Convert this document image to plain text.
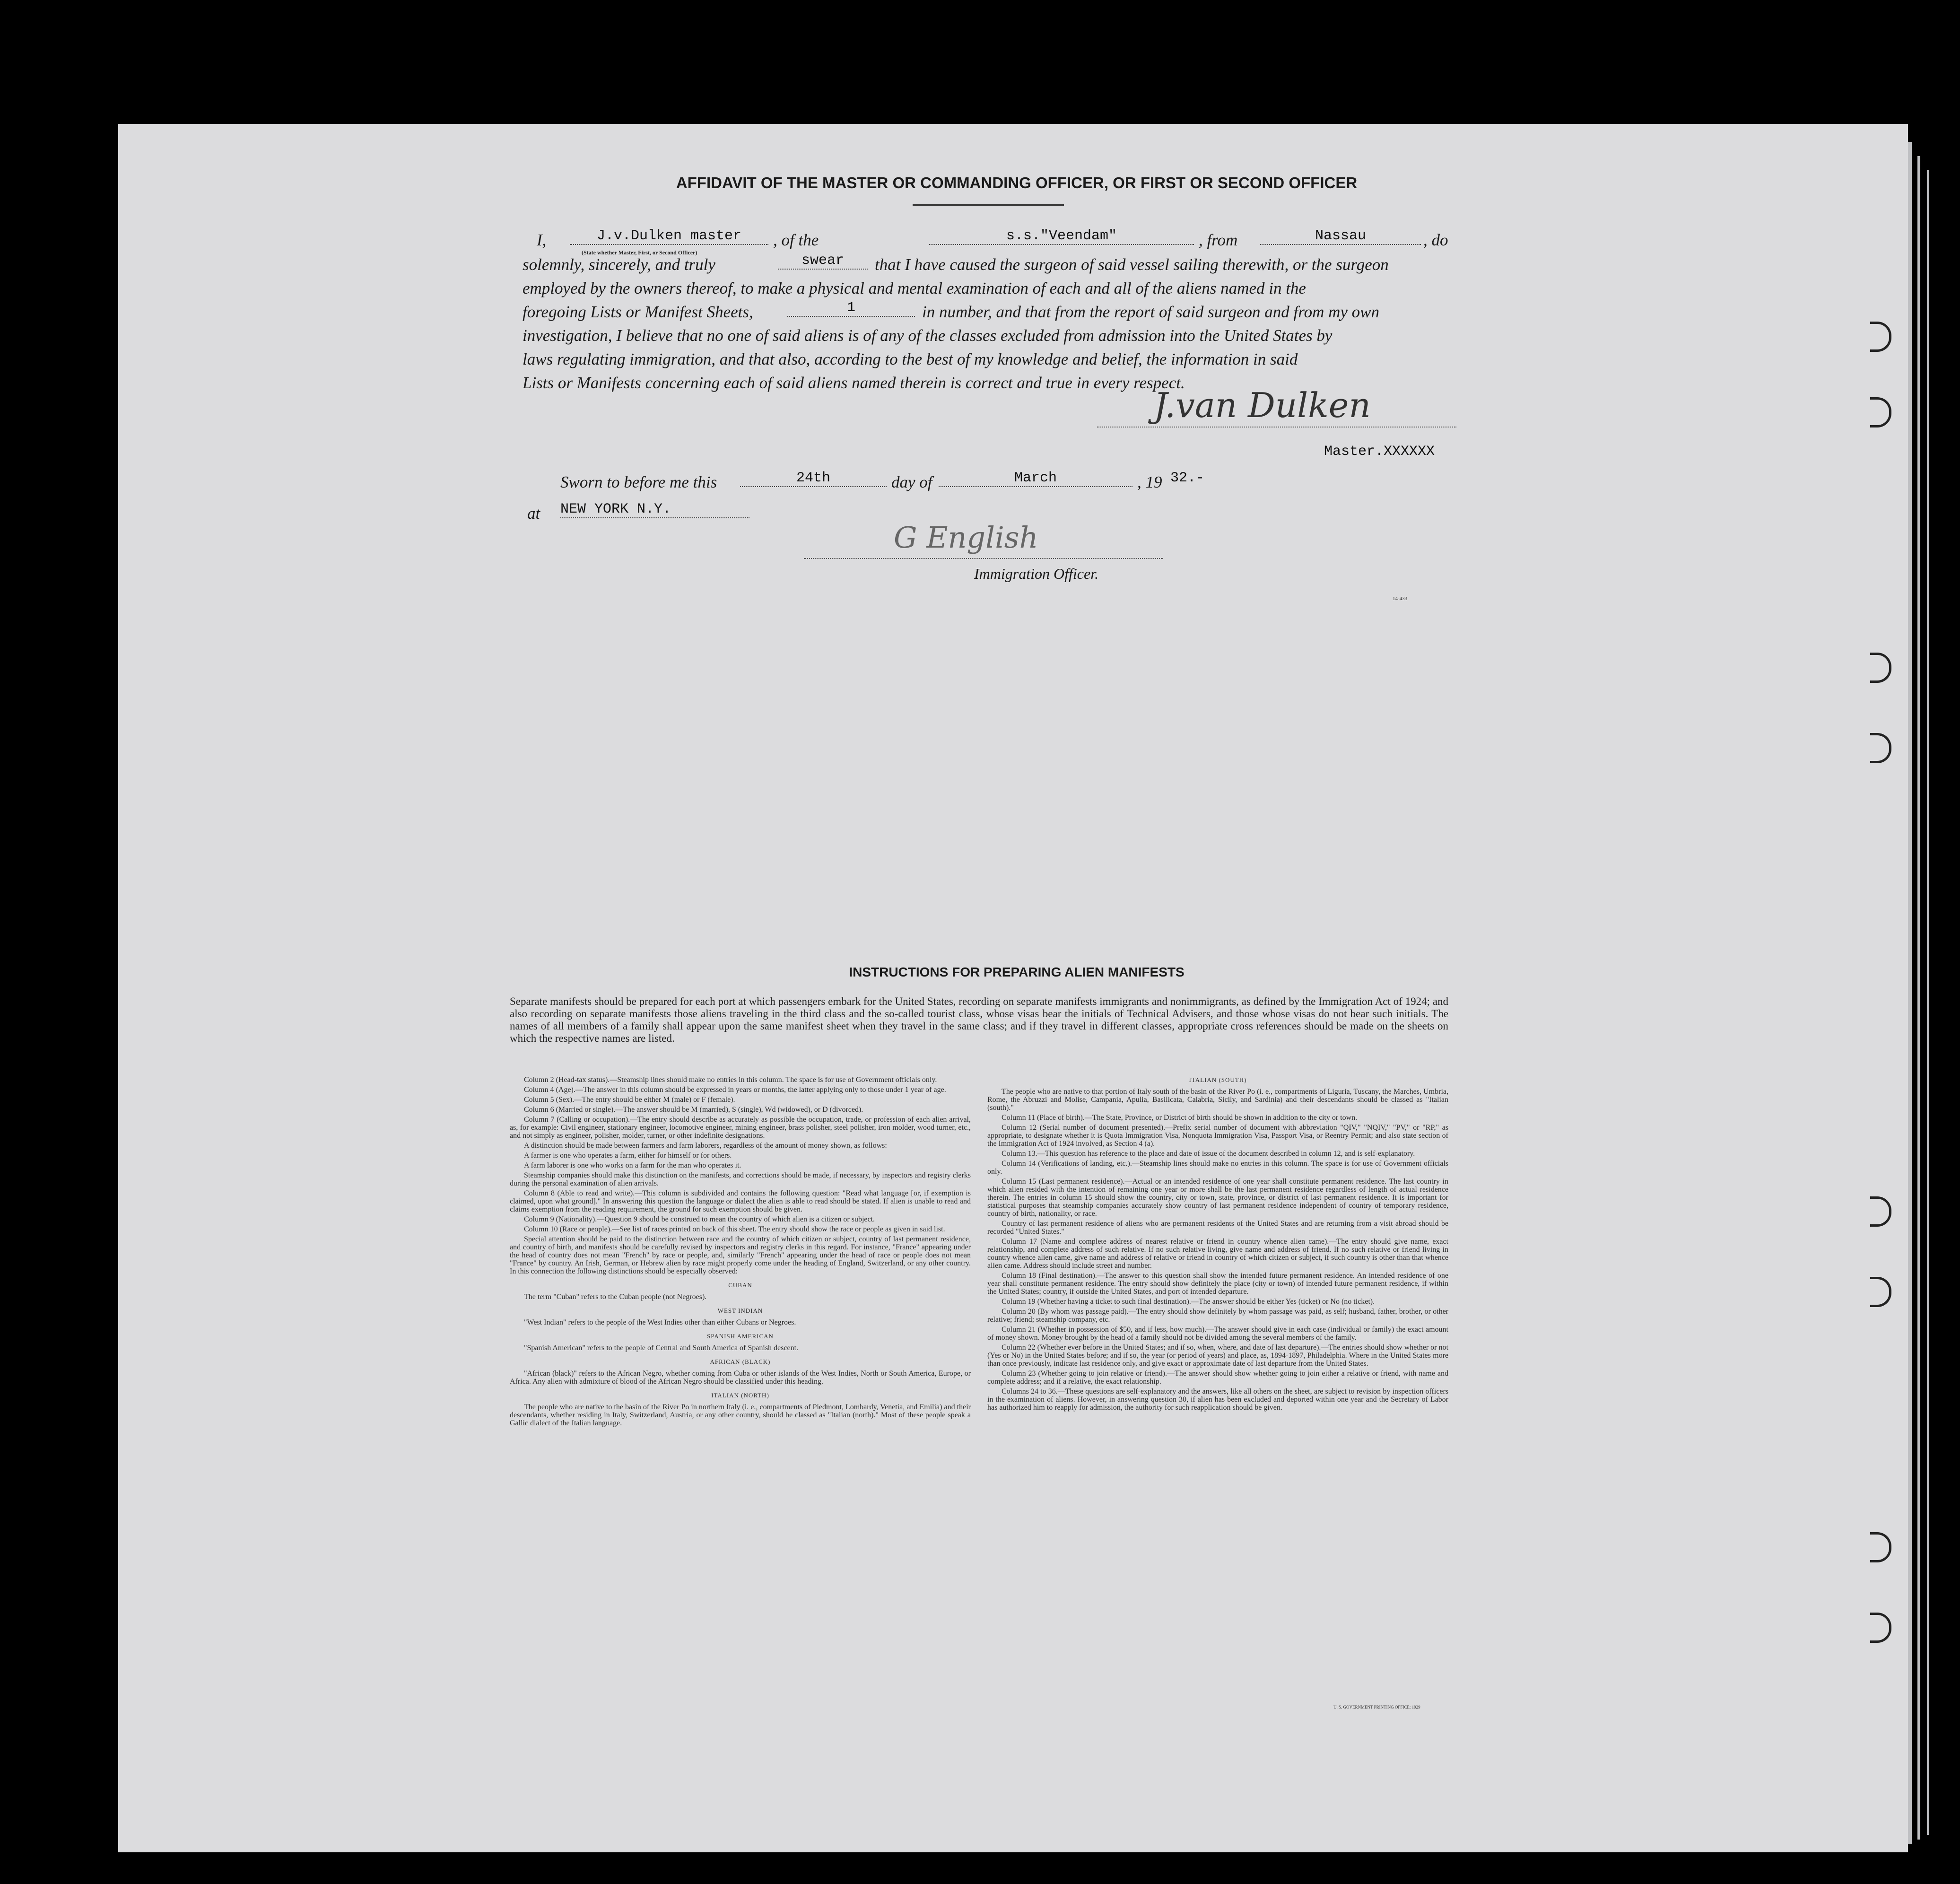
AFFIDAVIT OF THE MASTER OR COMMANDING OFFICER, OR FIRST OR SECOND OFFICER
I,	J.v.Dulken master	, of the	s.s."Veendam"	, from	Nassau	, do
(State whether Master, First, or Second Officer)
solemnly, sincerely, and truly	swear	that I have caused the surgeon of said vessel sailing therewith, or the surgeon
employed by the owners thereof, to make a physical and mental examination of each and all of the aliens named in the
foregoing Lists or Manifest Sheets,	1	in number, and that from the report of said surgeon and from my own
investigation, I believe that no one of said aliens is of any of the classes excluded from admission into the United States by
laws regulating immigration, and that also, according to the best of my knowledge and belief, the information in said
Lists or Manifests concerning each of said aliens named therein is correct and true in every respect.
J.van Dulken
Master.XXXXXX
Sworn to before me this	24th	day of	March	, 19 32.-
at NEW YORK N.Y.
G English
Immigration Officer.
14-433
INSTRUCTIONS FOR PREPARING ALIEN MANIFESTS
Separate manifests should be prepared for each port at which passengers embark for the United States, recording on separate manifests immigrants and nonimmigrants, as defined by the Immigration Act of 1924; and also recording on separate manifests those aliens traveling in the third class and the so-called tourist class, whose visas bear the initials of Technical Advisers, and those whose visas do not bear such initials. The names of all members of a family shall appear upon the same manifest sheet when they travel in the same class; and if they travel in different classes, appropriate cross references should be made on the sheets on which the respective names are listed.

Column 2 (Head-tax status).—Steamship lines should make no entries in this column. The space is for use of Government officials only.

Column 4 (Age).—The answer in this column should be expressed in years or months, the latter applying only to those under 1 year of age.

Column 5 (Sex).—The entry should be either M (male) or F (female).

Column 6 (Married or single).—The answer should be M (married), S (single), Wd (widowed), or D (divorced).

Column 7 (Calling or occupation).—The entry should describe as accurately as possible the occupation, trade, or profession of each alien arrival, as, for example: Civil engineer, stationary engineer, locomotive engineer, mining engineer, brass polisher, steel polisher, iron molder, wood turner, etc., and not simply as engineer, polisher, molder, turner, or other indefinite designations.

A distinction should be made between farmers and farm laborers, regardless of the amount of money shown, as follows:

A farmer is one who operates a farm, either for himself or for others.

A farm laborer is one who works on a farm for the man who operates it.

Steamship companies should make this distinction on the manifests, and corrections should be made, if necessary, by inspectors and registry clerks during the personal examination of alien arrivals.

Column 8 (Able to read and write).—This column is subdivided and contains the following question: "Read what language [or, if exemption is claimed, upon what ground]." In answering this question the language or dialect the alien is able to read should be stated. If alien is unable to read and claims exemption from the reading requirement, the ground for such exemption should be given.

Column 9 (Nationality).—Question 9 should be construed to mean the country of which alien is a citizen or subject.

Column 10 (Race or people).—See list of races printed on back of this sheet. The entry should show the race or people as given in said list.

Special attention should be paid to the distinction between race and the country of which citizen or subject, country of last permanent residence, and country of birth, and manifests should be carefully revised by inspectors and registry clerks in this regard. For instance, "France" appearing under the head of country does not mean "French" by race or people, and, similarly "French" appearing under the head of race or people does not mean "France" by country. An Irish, German, or Hebrew alien by race might properly come under the heading of England, Switzerland, or any other country. In this connection the following distinctions should be especially observed:

CUBAN

The term "Cuban" refers to the Cuban people (not Negroes).

WEST INDIAN

"West Indian" refers to the people of the West Indies other than either Cubans or Negroes.

SPANISH AMERICAN

"Spanish American" refers to the people of Central and South America of Spanish descent.

AFRICAN (BLACK)

"African (black)" refers to the African Negro, whether coming from Cuba or other islands of the West Indies, North or South America, Europe, or Africa. Any alien with admixture of blood of the African Negro should be classified under this heading.

ITALIAN (NORTH)

The people who are native to the basin of the River Po in northern Italy (i. e., compartments of Piedmont, Lombardy, Venetia, and Emilia) and their descendants, whether residing in Italy, Switzerland, Austria, or any other country, should be classed as "Italian (north)." Most of these people speak a Gallic dialect of the Italian language.

ITALIAN (SOUTH)

The people who are native to that portion of Italy south of the basin of the River Po (i. e., compartments of Liguria, Tuscany, the Marches, Umbria, Rome, the Abruzzi and Molise, Campania, Apulia, Basilicata, Calabria, Sicily, and Sardinia) and their descendants should be classed as "Italian (south)."

Column 11 (Place of birth).—The State, Province, or District of birth should be shown in addition to the city or town.

Column 12 (Serial number of document presented).—Prefix serial number of document with abbreviation "QIV," "NQIV," "PV," or "RP," as appropriate, to designate whether it is Quota Immigration Visa, Nonquota Immigration Visa, Passport Visa, or Reentry Permit; and also state section of the Immigration Act of 1924 involved, as Section 4 (a).

Column 13.—This question has reference to the place and date of issue of the document described in column 12, and is self-explanatory.

Column 14 (Verifications of landing, etc.).—Steamship lines should make no entries in this column. The space is for use of Government officials only.

Column 15 (Last permanent residence).—Actual or an intended residence of one year shall constitute permanent residence. The last country in which alien resided with the intention of remaining one year or more shall be the last permanent residence regardless of length of actual residence therein. The entries in column 15 should show the country, city or town, state, province, or district of last permanent residence. It is important for statistical purposes that steamship companies accurately show country of last permanent residence independent of country of temporary residence, country of birth, nationality, or race.

Country of last permanent residence of aliens who are permanent residents of the United States and are returning from a visit abroad should be recorded "United States."

Column 17 (Name and complete address of nearest relative or friend in country whence alien came).—The entry should give name, exact relationship, and complete address of such relative. If no such relative living, give name and address of friend. If no such relative or friend living in country whence alien came, give name and address of relative or friend in country of which citizen or subject, if such country is other than that whence alien came. Address should include street and number.

Column 18 (Final destination).—The answer to this question shall show the intended future permanent residence. An intended residence of one year shall constitute permanent residence. The entry should show definitely the place (city or town) of intended future permanent residence, if within the United States; country, if outside the United States, and port of intended departure.

Column 19 (Whether having a ticket to such final destination).—The answer should be either Yes (ticket) or No (no ticket).

Column 20 (By whom was passage paid).—The entry should show definitely by whom passage was paid, as self; husband, father, brother, or other relative; friend; steamship company, etc.

Column 21 (Whether in possession of $50, and if less, how much).—The answer should give in each case (individual or family) the exact amount of money shown. Money brought by the head of a family should not be divided among the several members of the family.

Column 22 (Whether ever before in the United States; and if so, when, where, and date of last departure).—The entries should show whether or not (Yes or No) in the United States before; and if so, the year (or period of years) and place, as, 1894-1897, Philadelphia. Where in the United States more than once previously, indicate last residence only, and give exact or approximate date of last departure from the United States.

Column 23 (Whether going to join relative or friend).—The answer should show whether going to join either a relative or friend, with name and complete address; and if a relative, the exact relationship.

Columns 24 to 36.—These questions are self-explanatory and the answers, like all others on the sheet, are subject to revision by inspection officers in the examination of aliens. However, in answering question 30, if alien has been excluded and deported within one year and the Secretary of Labor has authorized him to reapply for admission, the authority for such reapplication should be given.

U. S. GOVERNMENT PRINTING OFFICE: 1929
